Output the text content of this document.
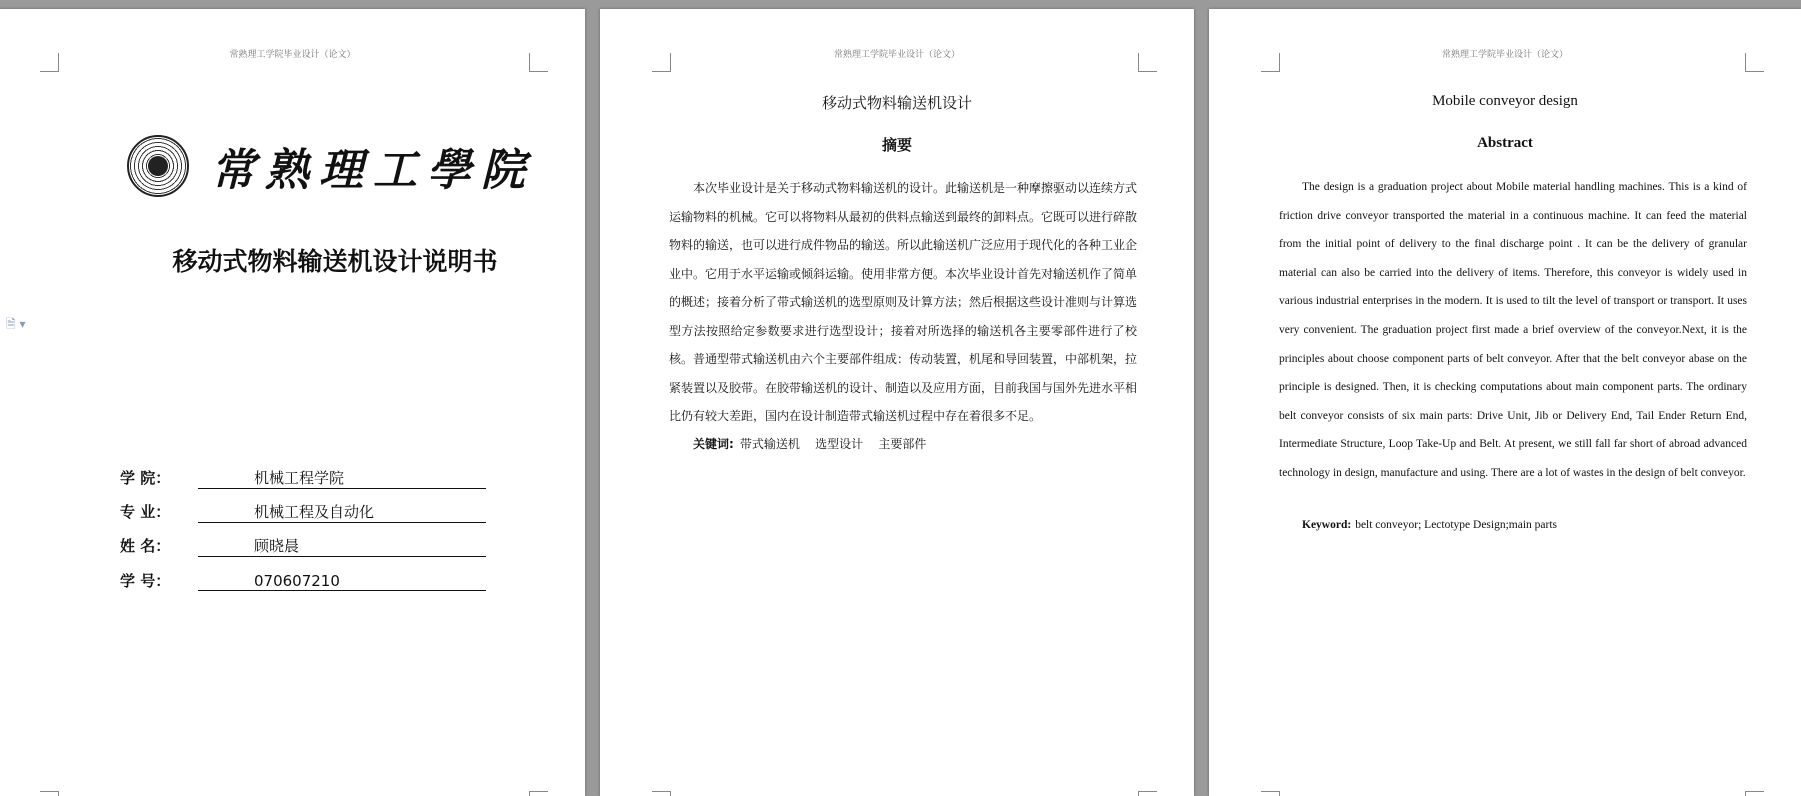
常熟理工学院毕业设计（论文）
常熟理工學院
移动式物料输送机设计说明书
🗎 ▾
学 院：	机械工程学院
专 业：	机械工程及自动化
姓 名：	顾晓晨
学 号：	070607210
常熟理工学院毕业设计（论文）
移动式物料输送机设计
摘要

本次毕业设计是关于移动式物料输送机的设计。此输送机是一种摩擦驱动以连续方式运输物料的机械。它可以将物料从最初的供料点输送到最终的卸料点。它既可以进行碎散物料的输送，也可以进行成件物品的输送。所以此输送机广泛应用于现代化的各种工业企业中。它用于水平运输或倾斜运输。使用非常方便。本次毕业设计首先对输送机作了简单的概述；接着分析了带式输送机的选型原则及计算方法；然后根据这些设计准则与计算选型方法按照给定参数要求进行选型设计；接着对所选择的输送机各主要零部件进行了校核。普通型带式输送机由六个主要部件组成：传动装置，机尾和导回装置，中部机架，拉紧装置以及胶带。在胶带输送机的设计、制造以及应用方面，目前我国与国外先进水平相比仍有较大差距，国内在设计制造带式输送机过程中存在着很多不足。

关键词: 带式输送机    选型设计    主要部件
常熟理工学院毕业设计（论文）
Mobile conveyor design
Abstract

The design is a graduation project about Mobile material handling machines. This is a kind of friction drive conveyor transported the material in a continuous machine. It can feed the material from the initial point of delivery to the final discharge point . It can be the delivery of granular material can also be carried into the delivery of items. Therefore, this conveyor is widely used in various industrial enterprises in the modern. It is used to tilt the level of transport or transport. It uses very convenient. The graduation project first made a brief overview of the conveyor.Next, it is the principles about choose component parts of belt conveyor. After that the belt conveyor abase on the principle is designed. Then, it is checking computations about main component parts. The ordinary belt conveyor consists of six main parts: Drive Unit, Jib or Delivery End, Tail Ender Return End, Intermediate Structure, Loop Take-Up and Belt. At present, we still fall far short of abroad advanced technology in design, manufacture and using. There are a lot of wastes in the design of belt conveyor.

Keyword: belt conveyor; Lectotype Design;main parts
